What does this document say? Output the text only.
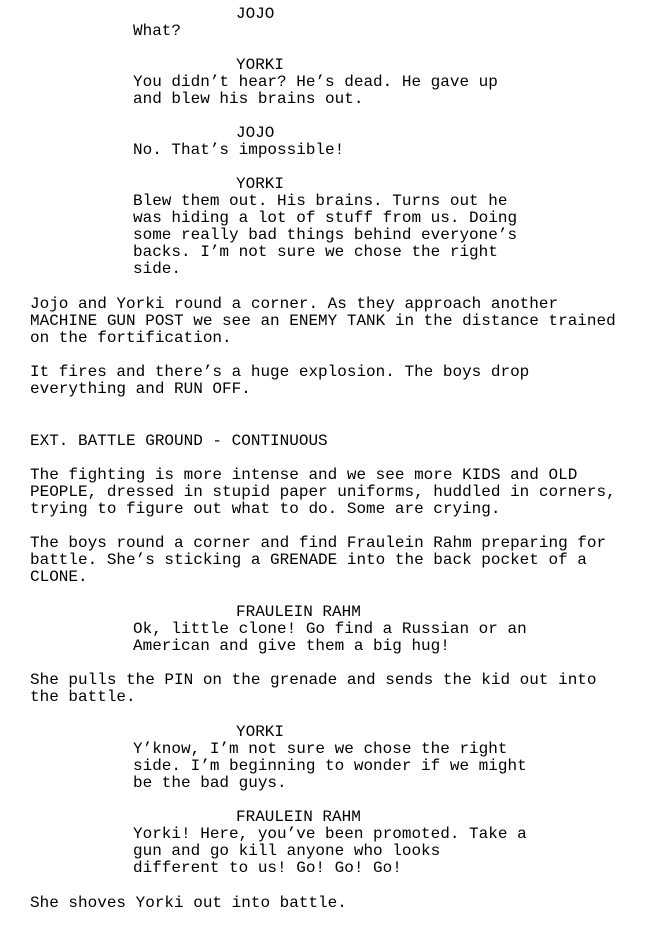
JOJO
What?
YORKI
You didn’t hear? He’s dead. He gave up
and blew his brains out.
JOJO
No. That’s impossible!
YORKI
Blew them out. His brains. Turns out he
was hiding a lot of stuff from us. Doing
some really bad things behind everyone’s
backs. I’m not sure we chose the right
side.
Jojo and Yorki round a corner. As they approach another
MACHINE GUN POST we see an ENEMY TANK in the distance trained
on the fortification.
It fires and there’s a huge explosion. The boys drop
everything and RUN OFF.
EXT. BATTLE GROUND - CONTINUOUS
The fighting is more intense and we see more KIDS and OLD
PEOPLE, dressed in stupid paper uniforms, huddled in corners,
trying to figure out what to do. Some are crying.
The boys round a corner and find Fraulein Rahm preparing for
battle. She’s sticking a GRENADE into the back pocket of a
CLONE.
FRAULEIN RAHM
Ok, little clone! Go find a Russian or an
American and give them a big hug!
She pulls the PIN on the grenade and sends the kid out into
the battle.
YORKI
Y’know, I’m not sure we chose the right
side. I’m beginning to wonder if we might
be the bad guys.
FRAULEIN RAHM
Yorki! Here, you’ve been promoted. Take a
gun and go kill anyone who looks
different to us! Go! Go! Go!
She shoves Yorki out into battle.
